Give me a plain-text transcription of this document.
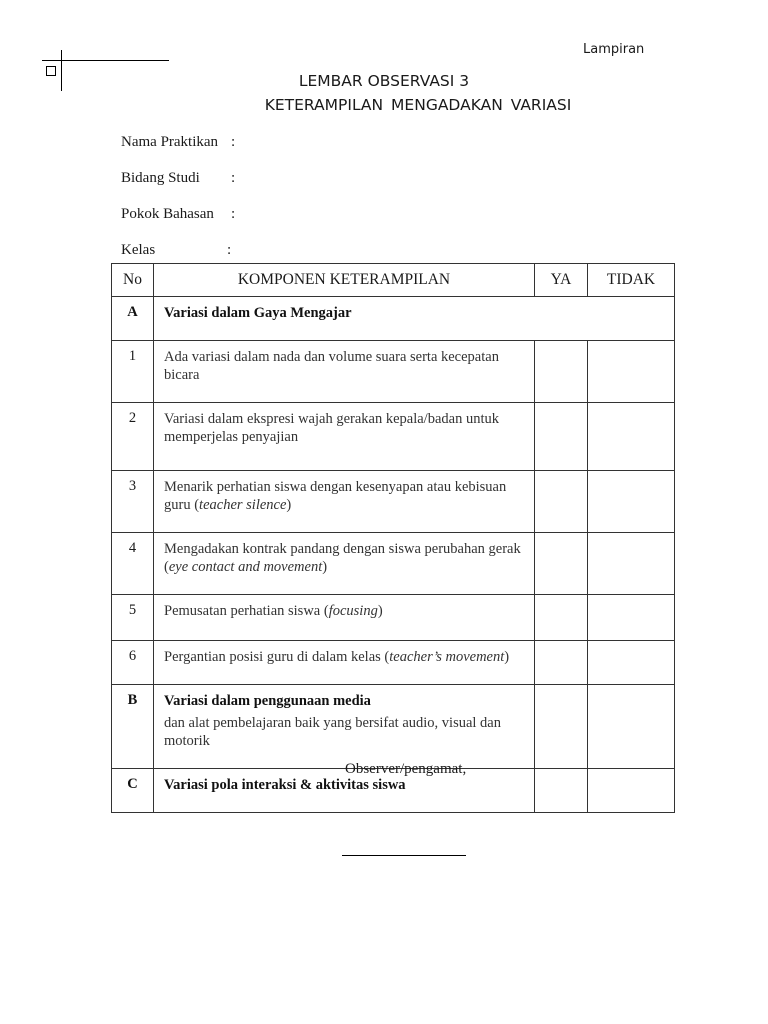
Lampiran
LEMBAR OBSERVASI 3
KETERAMPILAN MENGADAKAN VARIASI
Nama Praktikan :
Bidang Studi :
Pokok Bahasan :
Kelas	:
No	KOMPONEN KETERAMPILAN	YA	TIDAK
A	Variasi dalam Gaya Mengajar		
1	Ada variasi dalam nada dan volume suara serta kecepatan bicara		
2	Variasi dalam ekspresi wajah gerakan kepala/badan untuk memperjelas penyajian		
3	Menarik perhatian siswa dengan kesenyapan atau kebisuan guru (teacher silence)		
4	Mengadakan kontrak pandang dengan siswa perubahan gerak (eye contact and movement)		
5	Pemusatan perhatian siswa (focusing)		
6	Pergantian posisi guru di dalam kelas (teacher’s movement)		
B	Variasi dalam penggunaan media
dan alat pembelajaran baik yang bersifat audio, visual dan motorik		

C	Variasi pola interaksi & aktivitas siswa		
Observer/pengamat,
